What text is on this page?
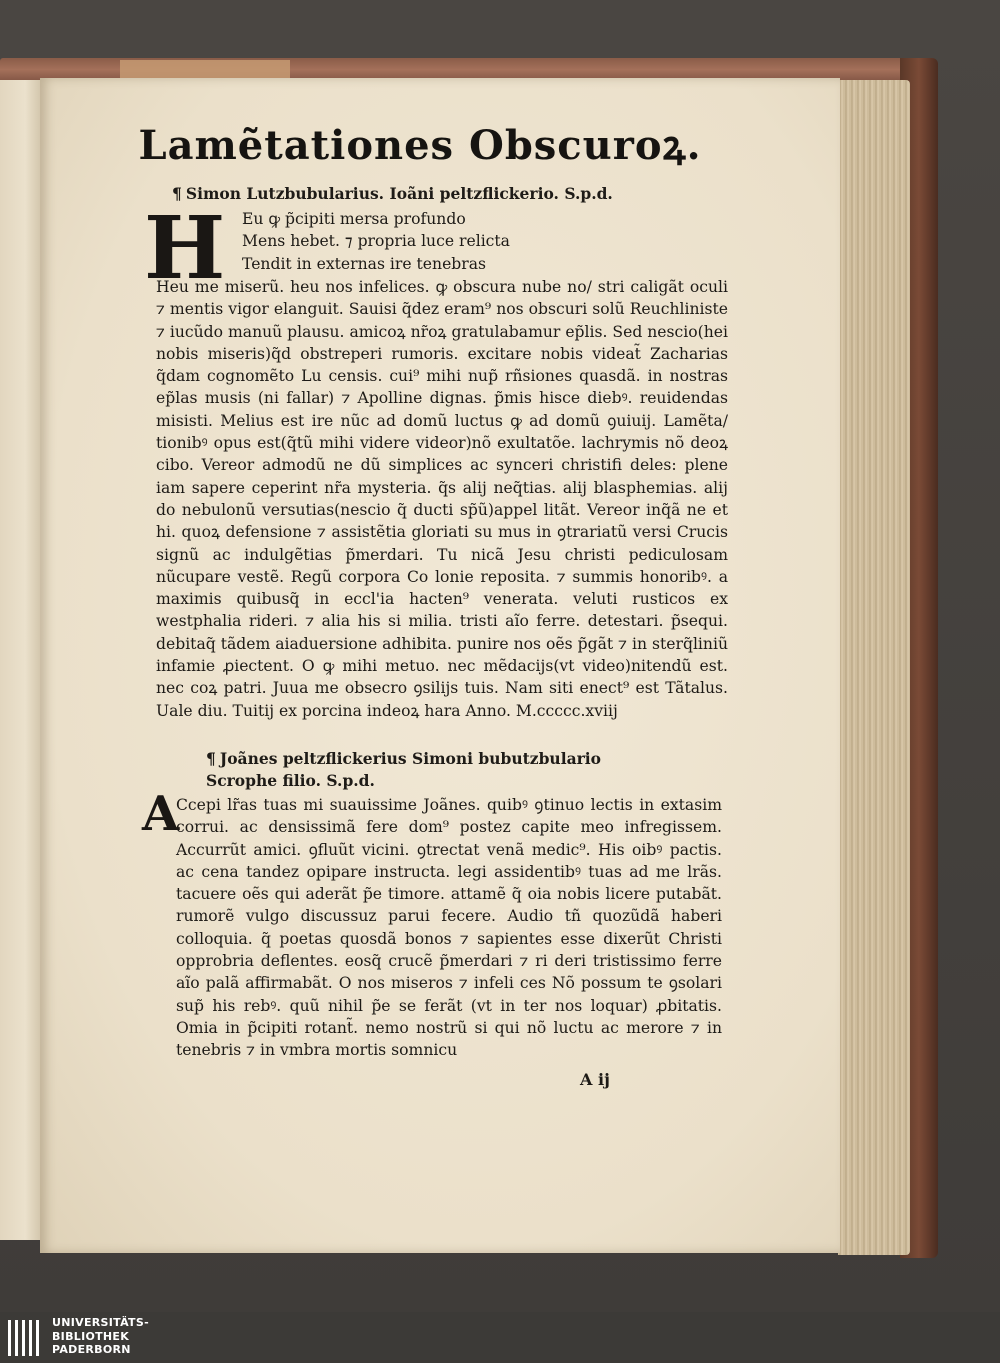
Lamẽtationes Obscuroꝝ.
¶ Simon Lutzbubularius. Ioãni peltzflickerio. S.p.d.
H Eu ꝙ p̃cipiti mersa profundo
Mens hebet. ⁊ propria luce relicta
Tendit in externas ire tenebras
Heu me miserũ. heu nos infelices. ꝙ obscura nube no/ stri caligãt oculi ⁊ mentis vigor elanguit. Sauisi q̃dez eram⁹ nos obscuri solũ Reuchliniste ⁊ iucũdo manuũ plausu. amicoꝝ nr̃oꝝ gratulabamur ep̃lis. Sed nescio(hei nobis miseris)q̃d obstreperi rumoris. excitare nobis videat̃ Zacharias q̃dam cognomẽto Lu censis. cui⁹ mihi nup̃ rñsiones quasdã. in nostras ep̃las musis (ni fallar) ⁊ Apolline dignas. p̃mis hisce diebꝰ. reuidendas misisti. Melius est ire nũc ad domũ luctus ꝙ ad domũ ꝯuiuij. Lamẽta/ tionibꝰ opus est(q̃tũ mihi videre videor)nõ exultatõe. lachrymis nõ deoꝝ cibo. Vereor admodũ ne dũ simplices ac synceri christifi deles: plene iam sapere ceperint nr̃a mysteria. q̃s alij neq̃tias. alij blasphemias. alij do nebulonũ versutias(nescio q̃ ducti sp̃ũ)appel litãt. Vereor inq̃ã ne et hi. quoꝝ defensione ⁊ assistẽtia gloriati su mus in ꝯtrariatũ versi Crucis signũ ac indulgẽtias p̃merdari. Tu nicã Jesu christi pediculosam nũcupare vestẽ. Regũ corpora Co lonie reposita. ⁊ summis honoribꝰ. a maximis quibusq̃ in eccl'ia hacten⁹ venerata. veluti rusticos ex westphalia rideri. ⁊ alia his si milia. tristi aĩo ferre. detestari. p̃sequi. debitaq̃ tãdem aiaduersione adhibita. punire nos oẽs p̃gãt ⁊ in sterq̃liniũ infamie ꝓiectent. O ꝙ mihi metuo. nec mẽdacijs(vt video)nitendũ est. nec coꝝ patri. Juua me obsecro ꝯsilijs tuis. Nam siti enect⁹ est Tãtalus. Uale diu. Tuitij ex porcina indeoꝝ hara Anno. M.ccccc.xviij
¶ Joãnes peltzflickerius Simoni bubutzbulario Scrophe filio. S.p.d.
A
Ccepi lr̃as tuas mi suauissime Joãnes. quibꝰ ꝯtinuo lectis in extasim corrui. ac densissimã fere dom⁹ postez capite meo infregissem. Accurrũt amici. ꝯfluũt vicini. ꝯtrectat venã medic⁹. His oibꝰ pactis. ac cena tandez opipare instructa. legi assidentibꝰ tuas ad me lrãs. tacuere oẽs qui aderãt p̃e timore. attamẽ q̃ oia nobis licere putabãt. rumorẽ vulgo discussuz parui fecere. Audio tñ quozũdã haberi colloquia. q̃ poetas quosdã bonos ⁊ sapientes esse dixerũt Christi opprobria deflentes. eosq̃ crucẽ p̃merdari ⁊ ri deri tristissimo ferre aĩo palã affirmabãt. O nos miseros ⁊ infeli ces Nõ possum te ꝯsolari sup̃ his rebꝰ. quũ nihil p̃e se ferãt (vt in ter nos loquar) ꝓbitatis. Omia in p̃cipiti rotant̃. nemo nostrũ si qui nõ luctu ac merore ⁊ in tenebris ⁊ in vmbra mortis somnicu
A ij
UNIVERSITÄTS-
BIBLIOTHEK
PADERBORN
